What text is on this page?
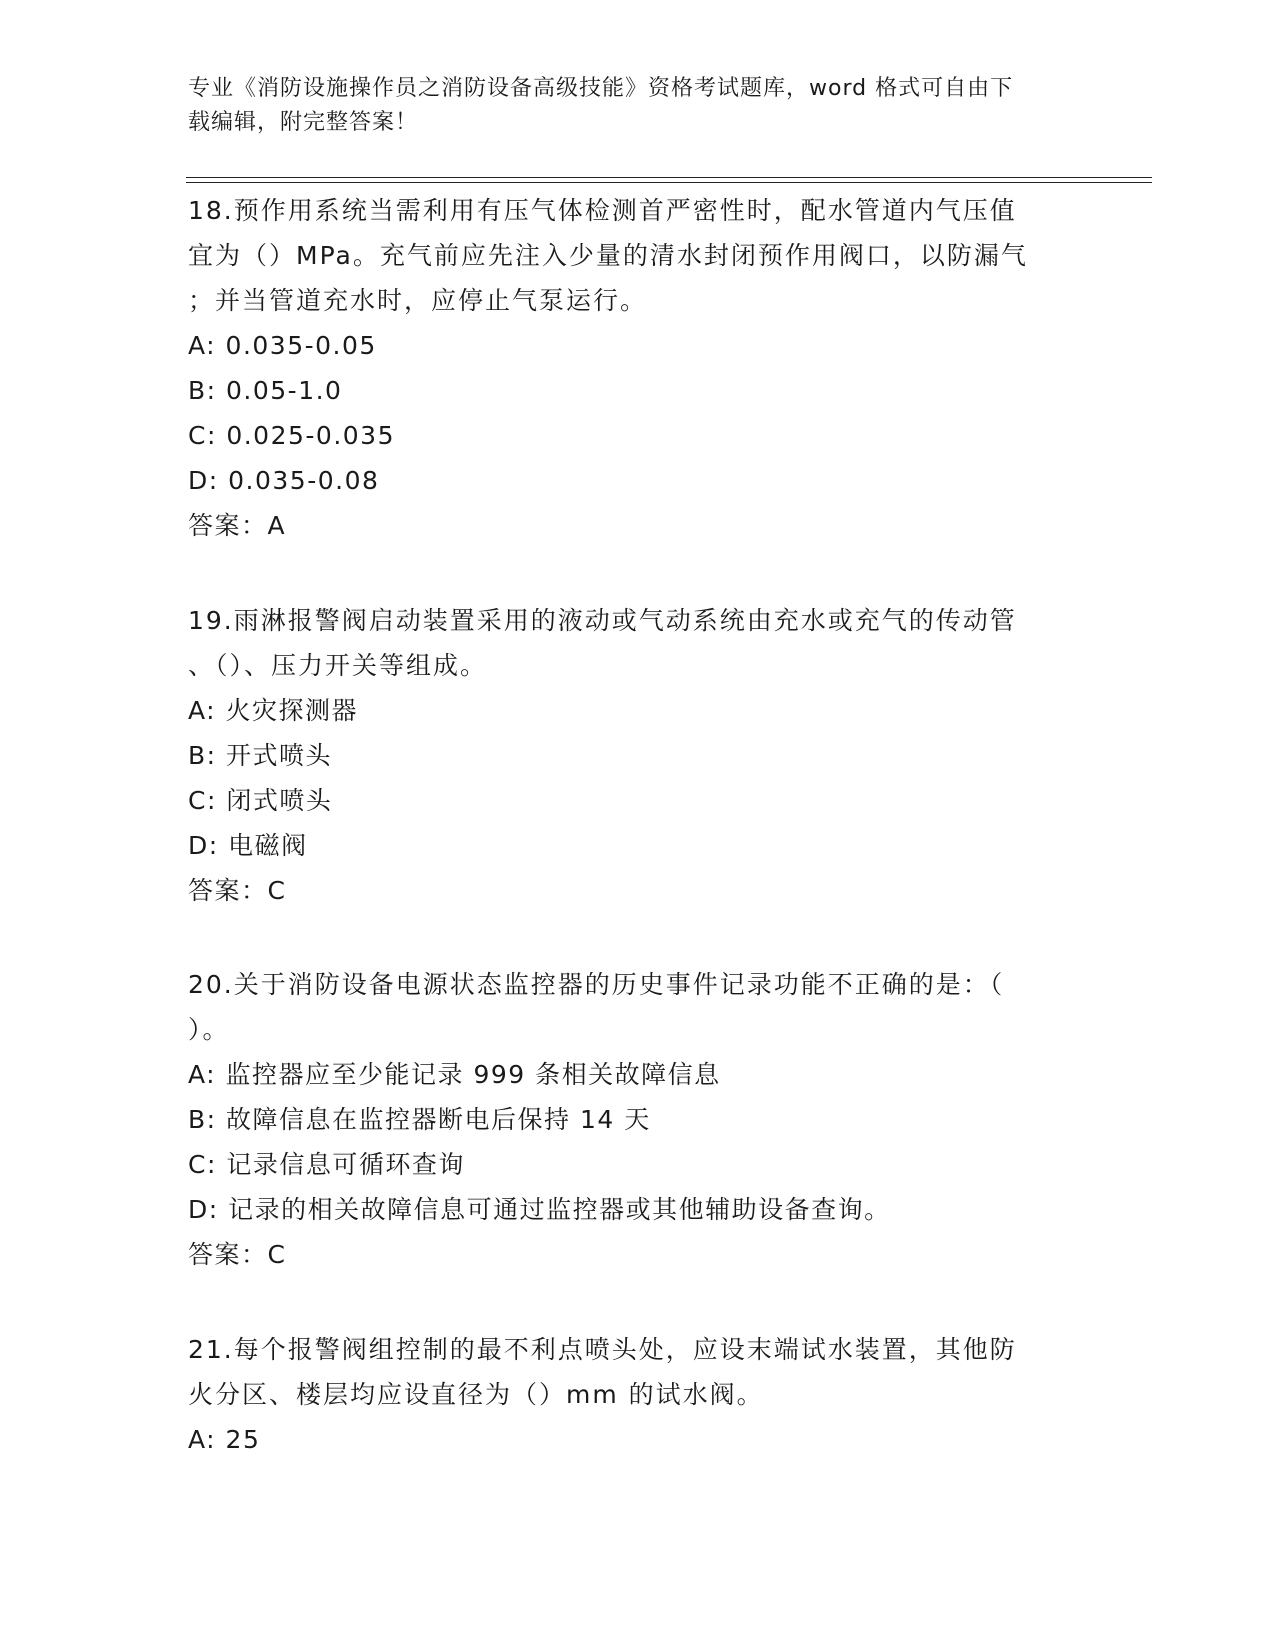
专业《消防设施操作员之消防设备高级技能》资格考试题库，word 格式可自由下
载编辑，附完整答案！

18.预作用系统当需利用有压气体检测首严密性时，配水管道内气压值
宜为（）MPa。充气前应先注入少量的清水封闭预作用阀口，以防漏气
；并当管道充水时，应停止气泵运行。

A: 0.035-0.05

B: 0.05-1.0

C: 0.025-0.035

D: 0.035-0.08

答案：A

19.雨淋报警阀启动装置采用的液动或气动系统由充水或充气的传动管
、（）、压力开关等组成。

A: 火灾探测器

B: 开式喷头

C: 闭式喷头

D: 电磁阀

答案：C

20.关于消防设备电源状态监控器的历史事件记录功能不正确的是：（
）。

A: 监控器应至少能记录 999 条相关故障信息

B: 故障信息在监控器断电后保持 14 天

C: 记录信息可循环查询

D: 记录的相关故障信息可通过监控器或其他辅助设备查询。

答案：C

21.每个报警阀组控制的最不利点喷头处，应设末端试水装置，其他防
火分区、楼层均应设直径为（）mm 的试水阀。

A: 25
